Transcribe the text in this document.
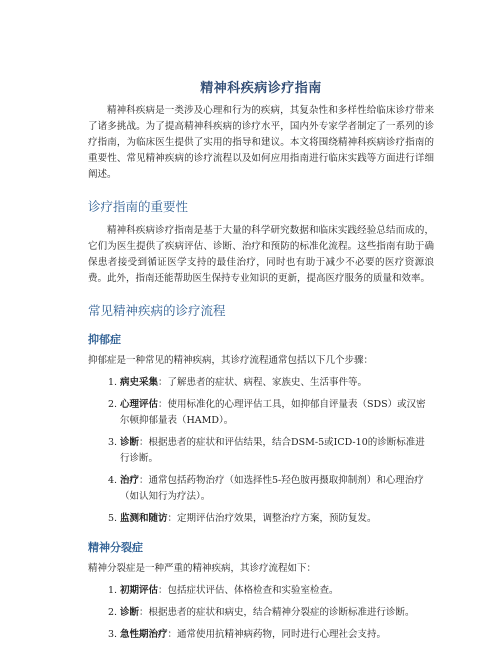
精神科疾病诊疗指南

精神科疾病是一类涉及心理和行为的疾病，其复杂性和多样性给临床诊疗带来了诸多挑战。为了提高精神科疾病的诊疗水平，国内外专家学者制定了一系列的诊疗指南，为临床医生提供了实用的指导和建议。本文将围绕精神科疾病诊疗指南的重要性、常见精神疾病的诊疗流程以及如何应用指南进行临床实践等方面进行详细阐述。

诊疗指南的重要性

精神科疾病诊疗指南是基于大量的科学研究数据和临床实践经验总结而成的，它们为医生提供了疾病评估、诊断、治疗和预防的标准化流程。这些指南有助于确保患者接受到循证医学支持的最佳治疗，同时也有助于减少不必要的医疗资源浪费。此外，指南还能帮助医生保持专业知识的更新，提高医疗服务的质量和效率。

常见精神疾病的诊疗流程
抑郁症

抑郁症是一种常见的精神疾病，其诊疗流程通常包括以下几个步骤：

1. 病史采集：了解患者的症状、病程、家族史、生活事件等。
2. 心理评估：使用标准化的心理评估工具，如抑郁自评量表（SDS）或汉密尔顿抑郁量表（HAMD）。
3. 诊断：根据患者的症状和评估结果，结合DSM-5或ICD-10的诊断标准进行诊断。
4. 治疗：通常包括药物治疗（如选择性5-羟色胺再摄取抑制剂）和心理治疗（如认知行为疗法）。
5. 监测和随访：定期评估治疗效果，调整治疗方案，预防复发。
精神分裂症

精神分裂症是一种严重的精神疾病，其诊疗流程如下：

1. 初期评估：包括症状评估、体格检查和实验室检查。
2. 诊断：根据患者的症状和病史，结合精神分裂症的诊断标准进行诊断。
3. 急性期治疗：通常使用抗精神病药物，同时进行心理社会支持。
